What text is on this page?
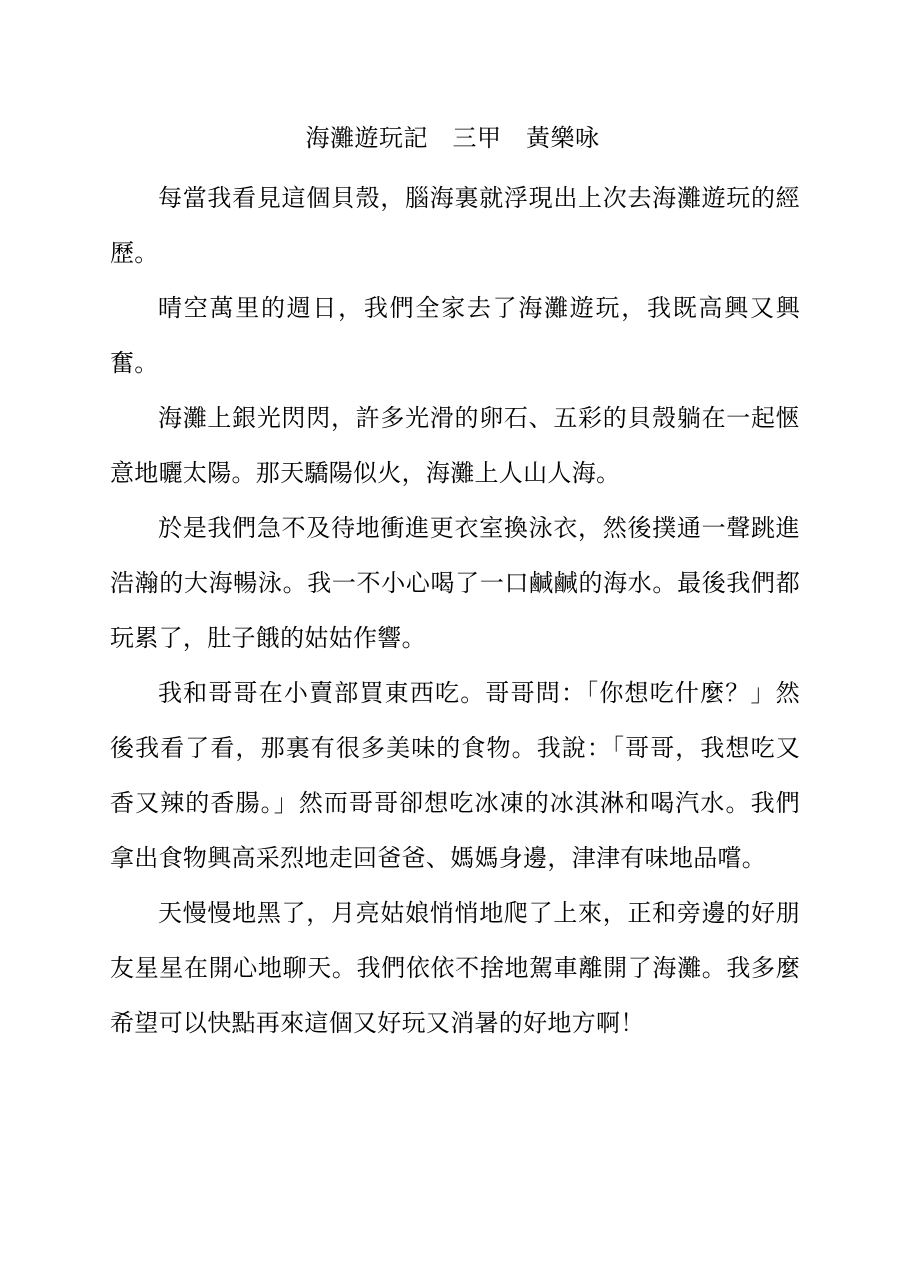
海灘遊玩記　三甲　黃樂咏

每當我看見這個貝殼，腦海裏就浮現出上次去海灘遊玩的經歷。

晴空萬里的週日，我們全家去了海灘遊玩，我既高興又興奮。

海灘上銀光閃閃，許多光滑的卵石、五彩的貝殼躺在一起愜意地曬太陽。那天驕陽似火，海灘上人山人海。

於是我們急不及待地衝進更衣室換泳衣，然後撲通一聲跳進浩瀚的大海暢泳。我一不小心喝了一口鹹鹹的海水。最後我們都玩累了，肚子餓的姑姑作響。

我和哥哥在小賣部買東西吃。哥哥問：「你想吃什麼？」然後我看了看，那裏有很多美味的食物。我說：「哥哥，我想吃又香又辣的香腸。」然而哥哥卻想吃冰凍的冰淇淋和喝汽水。我們拿出食物興高采烈地走回爸爸、媽媽身邊，津津有味地品嚐。

天慢慢地黑了，月亮姑娘悄悄地爬了上來，正和旁邊的好朋友星星在開心地聊天。我們依依不捨地駕車離開了海灘。我多麼希望可以快點再來這個又好玩又消暑的好地方啊！
